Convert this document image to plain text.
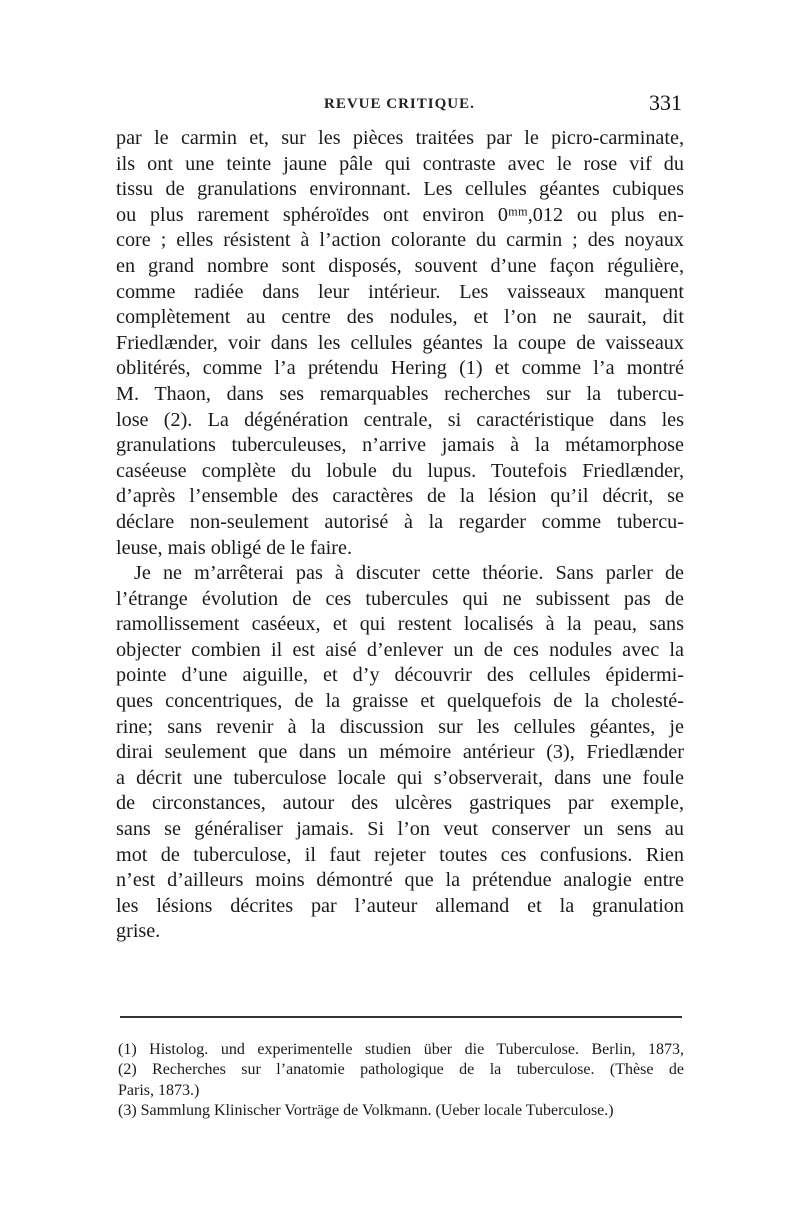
REVUE CRITIQUE.	331
par le carmin et, sur les pièces traitées par le picro-carminate,
ils ont une teinte jaune pâle qui contraste avec le rose vif du
tissu de granulations environnant. Les cellules géantes cubiques
ou plus rarement sphéroïdes ont environ 0ᵐᵐ,012 ou plus en-
core ; elles résistent à l’action colorante du carmin ; des noyaux
en grand nombre sont disposés, souvent d’une façon régulière,
comme radiée dans leur intérieur. Les vaisseaux manquent
complètement au centre des nodules, et l’on ne saurait, dit
Friedlænder, voir dans les cellules géantes la coupe de vaisseaux
oblitérés, comme l’a prétendu Hering (1) et comme l’a montré
M. Thaon, dans ses remarquables recherches sur la tubercu-
lose (2). La dégénération centrale, si caractéristique dans les
granulations tuberculeuses, n’arrive jamais à la métamorphose
caséeuse complète du lobule du lupus. Toutefois Friedlænder,
d’après l’ensemble des caractères de la lésion qu’il décrit, se
déclare non-seulement autorisé à la regarder comme tubercu-
leuse, mais obligé de le faire.
Je ne m’arrêterai pas à discuter cette théorie. Sans parler de
l’étrange évolution de ces tubercules qui ne subissent pas de
ramollissement caséeux, et qui restent localisés à la peau, sans
objecter combien il est aisé d’enlever un de ces nodules avec la
pointe d’une aiguille, et d’y découvrir des cellules épidermi-
ques concentriques, de la graisse et quelquefois de la cholesté-
rine; sans revenir à la discussion sur les cellules géantes, je
dirai seulement que dans un mémoire antérieur (3), Friedlænder
a décrit une tuberculose locale qui s’observerait, dans une foule
de circonstances, autour des ulcères gastriques par exemple,
sans se généraliser jamais. Si l’on veut conserver un sens au
mot de tuberculose, il faut rejeter toutes ces confusions. Rien
n’est d’ailleurs moins démontré que la prétendue analogie entre
les lésions décrites par l’auteur allemand et la granulation
grise.
(1) Histolog. und experimentelle studien über die Tuberculose. Berlin, 1873,
(2) Recherches sur l’anatomie pathologique de la tuberculose. (Thèse de
Paris, 1873.)
(3) Sammlung Klinischer Vorträge de Volkmann. (Ueber locale Tuberculose.)
